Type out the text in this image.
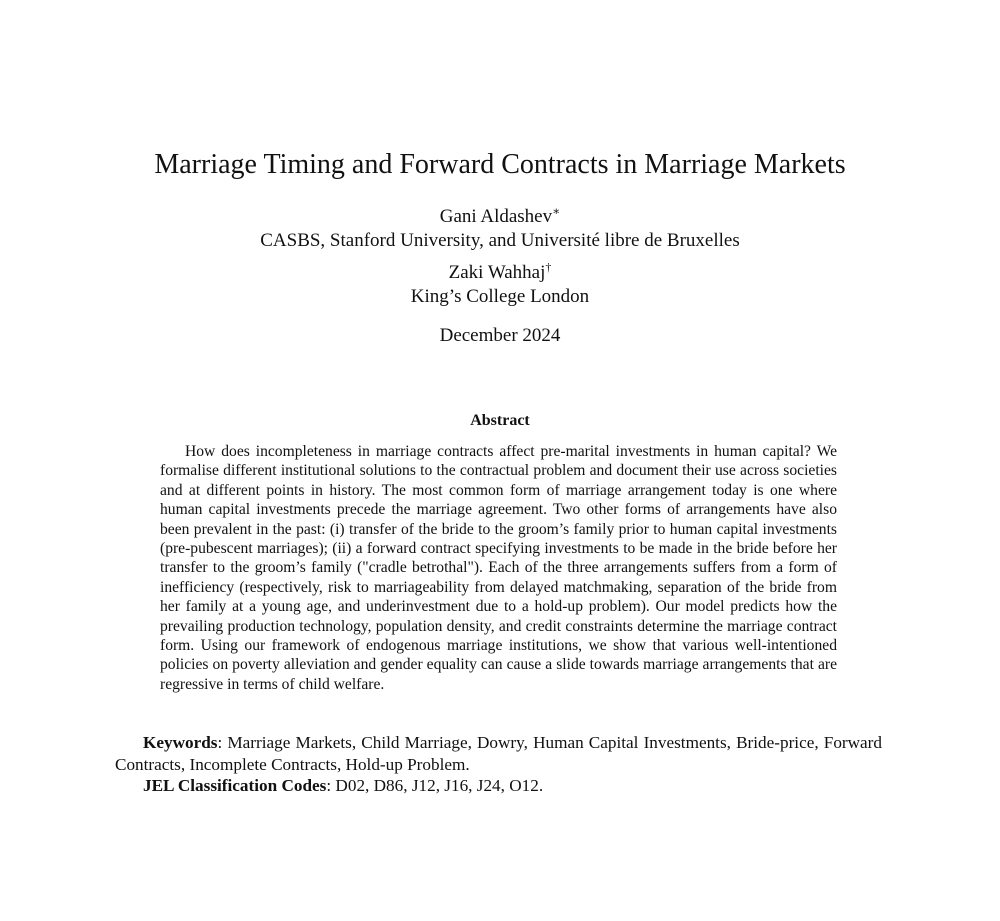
Marriage Timing and Forward Contracts in Marriage Markets
Gani Aldashev∗
CASBS, Stanford University, and Université libre de Bruxelles
Zaki Wahhaj†
King’s College London
December 2024
Abstract

How does incompleteness in marriage contracts affect pre-marital investments in human capital? We formalise different institutional solutions to the contractual problem and document their use across societies and at different points in history. The most common form of marriage arrangement today is one where human capital investments precede the marriage agreement. Two other forms of arrangements have also been prevalent in the past: (i) transfer of the bride to the groom’s family prior to human capital investments (pre-pubescent marriages); (ii) a forward contract specifying investments to be made in the bride before her transfer to the groom’s family ("cradle betrothal"). Each of the three arrangements suffers from a form of inefficiency (respectively, risk to marriageability from delayed matchmaking, separation of the bride from her family at a young age, and underinvestment due to a hold-up problem). Our model predicts how the prevailing production technology, population density, and credit constraints determine the marriage contract form. Using our framework of endogenous marriage institutions, we show that various well-intentioned policies on poverty alleviation and gender equality can cause a slide towards marriage arrangements that are regressive in terms of child welfare.

Keywords: Marriage Markets, Child Marriage, Dowry, Human Capital Investments, Bride-price, Forward Contracts, Incomplete Contracts, Hold-up Problem.

JEL Classification Codes: D02, D86, J12, J16, J24, O12.
